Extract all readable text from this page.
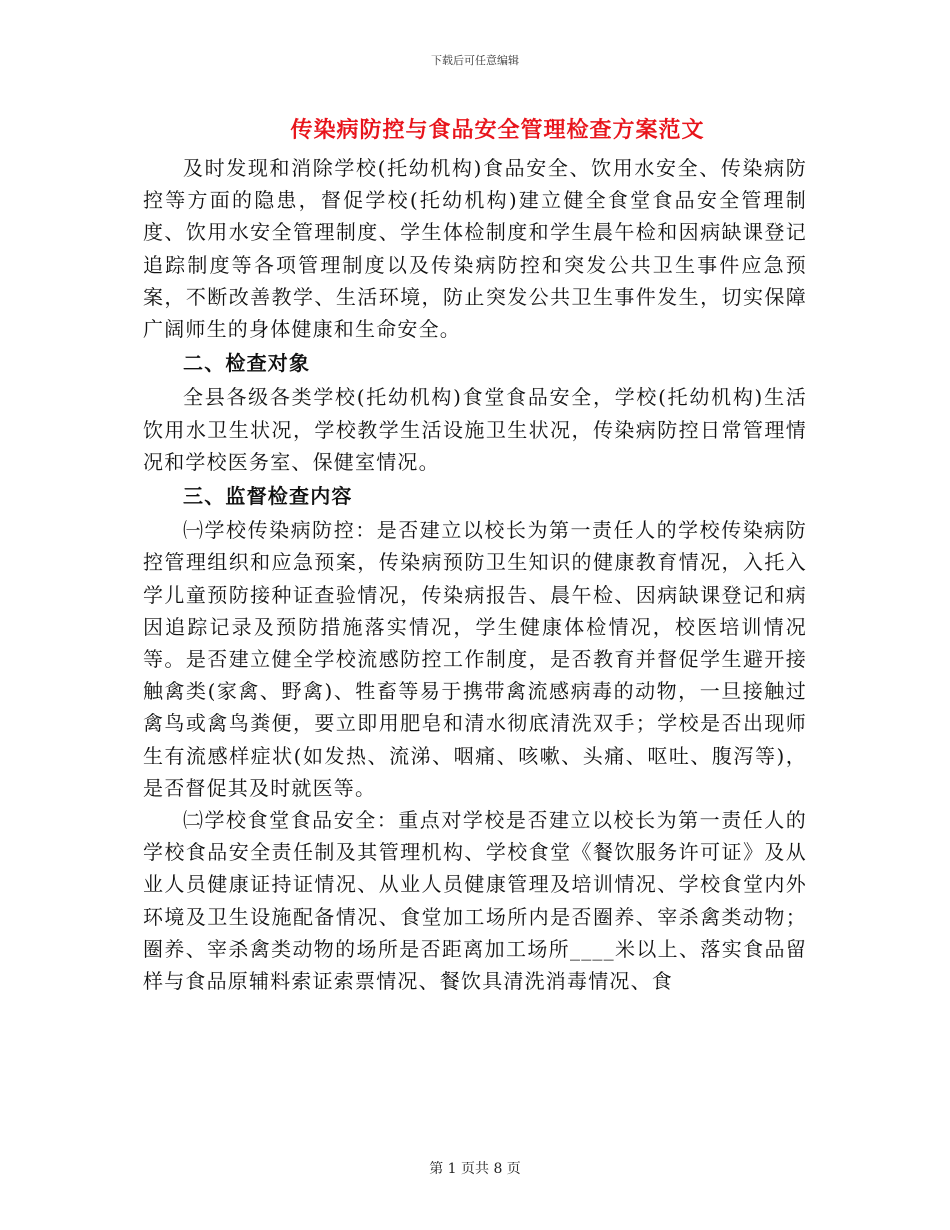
下载后可任意编辑
传染病防控与食品安全管理检查方案范文

及时发现和消除学校(托幼机构)食品安全、饮用水安全、传染病防控等方面的隐患，督促学校(托幼机构)建立健全食堂食品安全管理制度、饮用水安全管理制度、学生体检制度和学生晨午检和因病缺课登记追踪制度等各项管理制度以及传染病防控和突发公共卫生事件应急预案，不断改善教学、生活环境，防止突发公共卫生事件发生，切实保障广阔师生的身体健康和生命安全。

二、检查对象

全县各级各类学校(托幼机构)食堂食品安全，学校(托幼机构)生活饮用水卫生状况，学校教学生活设施卫生状况，传染病防控日常管理情况和学校医务室、保健室情况。

三、监督检查内容

㈠学校传染病防控：是否建立以校长为第一责任人的学校传染病防控管理组织和应急预案，传染病预防卫生知识的健康教育情况，入托入学儿童预防接种证查验情况，传染病报告、晨午检、因病缺课登记和病因追踪记录及预防措施落实情况，学生健康体检情况，校医培训情况等。是否建立健全学校流感防控工作制度，是否教育并督促学生避开接触禽类(家禽、野禽)、牲畜等易于携带禽流感病毒的动物，一旦接触过禽鸟或禽鸟粪便，要立即用肥皂和清水彻底清洗双手；学校是否出现师生有流感样症状(如发热、流涕、咽痛、咳嗽、头痛、呕吐、腹泻等)，是否督促其及时就医等。

㈡学校食堂食品安全：重点对学校是否建立以校长为第一责任人的学校食品安全责任制及其管理机构、学校食堂《餐饮服务许可证》及从业人员健康证持证情况、从业人员健康管理及培训情况、学校食堂内外环境及卫生设施配备情况、食堂加工场所内是否圈养、宰杀禽类动物；圈养、宰杀禽类动物的场所是否距离加工场所____米以上、落实食品留样与食品原辅料索证索票情况、餐饮具清洗消毒情况、食

第 1 页共 8 页
